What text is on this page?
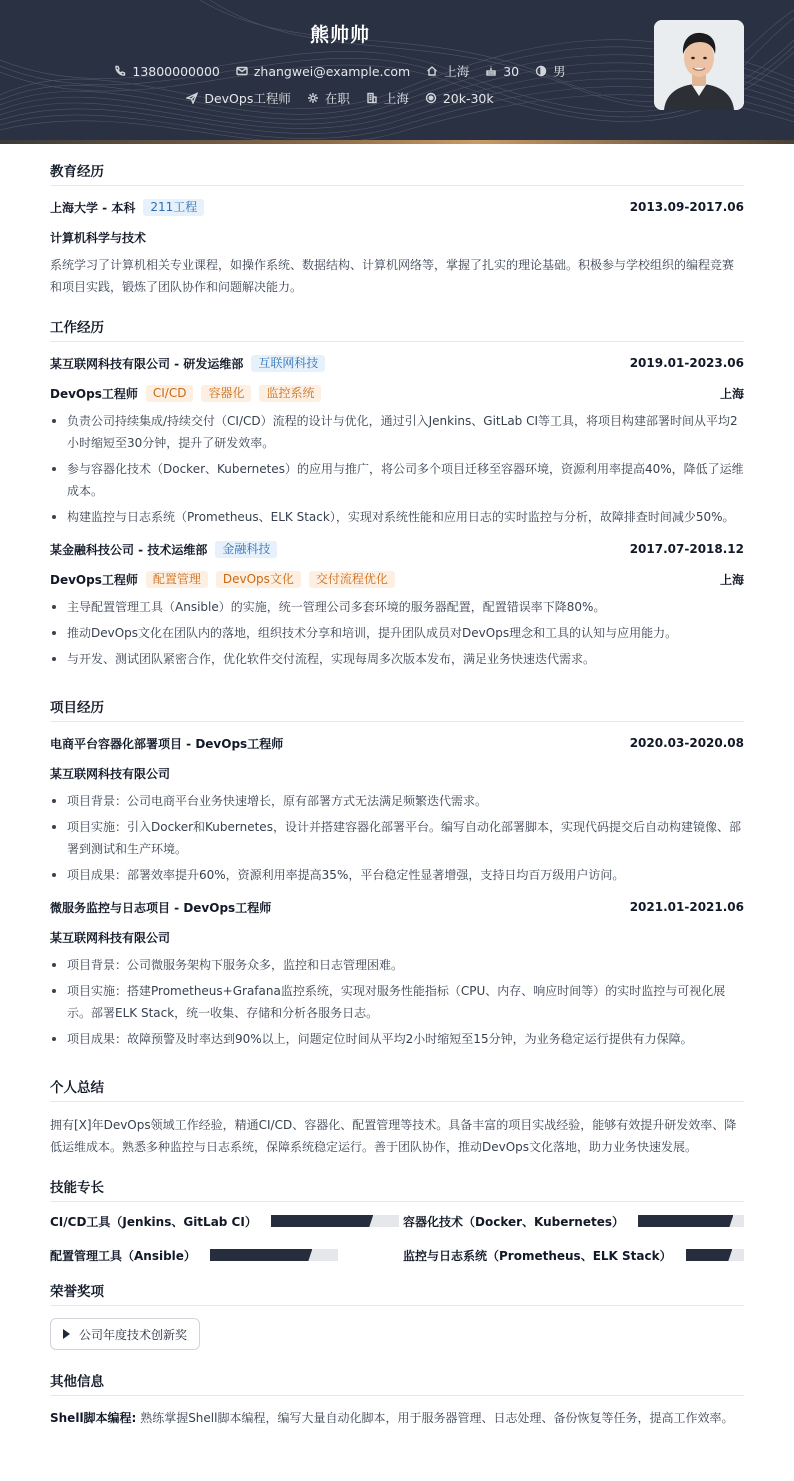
熊帅帅
13800000000
	zhangwei@example.com
	上海
	30
	男
DevOps工程师
	在职
	上海
	20k-30k
教育经历
上海大学 - 本科	211工程	2013.09-2017.06
计算机科学与技术
系统学习了计算机相关专业课程，如操作系统、数据结构、计算机网络等，掌握了扎实的理论基础。积极参与学校组织的编程竞赛和项目实践，锻炼了团队协作和问题解决能力。
工作经历
某互联网科技有限公司 - 研发运维部	互联网科技	2019.01-2023.06
DevOps工程师	CI/CD	容器化	监控系统	上海
负责公司持续集成/持续交付（CI/CD）流程的设计与优化，通过引入Jenkins、GitLab CI等工具，将项目构建部署时间从平均2小时缩短至30分钟，提升了研发效率。
参与容器化技术（Docker、Kubernetes）的应用与推广，将公司多个项目迁移至容器环境，资源利用率提高40%，降低了运维成本。
构建监控与日志系统（Prometheus、ELK Stack），实现对系统性能和应用日志的实时监控与分析，故障排查时间减少50%。
某金融科技公司 - 技术运维部	金融科技	2017.07-2018.12
DevOps工程师	配置管理	DevOps文化	交付流程优化	上海
主导配置管理工具（Ansible）的实施，统一管理公司多套环境的服务器配置，配置错误率下降80%。
推动DevOps文化在团队内的落地，组织技术分享和培训，提升团队成员对DevOps理念和工具的认知与应用能力。
与开发、测试团队紧密合作，优化软件交付流程，实现每周多次版本发布，满足业务快速迭代需求。
项目经历
电商平台容器化部署项目 - DevOps工程师	2020.03-2020.08
某互联网科技有限公司
项目背景：公司电商平台业务快速增长，原有部署方式无法满足频繁迭代需求。
项目实施：引入Docker和Kubernetes，设计并搭建容器化部署平台。编写自动化部署脚本，实现代码提交后自动构建镜像、部署到测试和生产环境。
项目成果：部署效率提升60%，资源利用率提高35%，平台稳定性显著增强，支持日均百万级用户访问。
微服务监控与日志项目 - DevOps工程师	2021.01-2021.06
某互联网科技有限公司
项目背景：公司微服务架构下服务众多，监控和日志管理困难。
项目实施：搭建Prometheus+Grafana监控系统，实现对服务性能指标（CPU、内存、响应时间等）的实时监控与可视化展示。部署ELK Stack，统一收集、存储和分析各服务日志。
项目成果：故障预警及时率达到90%以上，问题定位时间从平均2小时缩短至15分钟，为业务稳定运行提供有力保障。
个人总结
拥有[X]年DevOps领域工作经验，精通CI/CD、容器化、配置管理等技术。具备丰富的项目实战经验，能够有效提升研发效率、降低运维成本。熟悉多种监控与日志系统，保障系统稳定运行。善于团队协作，推动DevOps文化落地，助力业务快速发展。
技能专长
CI/CD工具（Jenkins、GitLab CI）	容器化技术（Docker、Kubernetes）
配置管理工具（Ansible）	监控与日志系统（Prometheus、ELK Stack）
荣誉奖项
公司年度技术创新奖
其他信息
Shell脚本编程: 熟练掌握Shell脚本编程，编写大量自动化脚本，用于服务器管理、日志处理、备份恢复等任务，提高工作效率。
